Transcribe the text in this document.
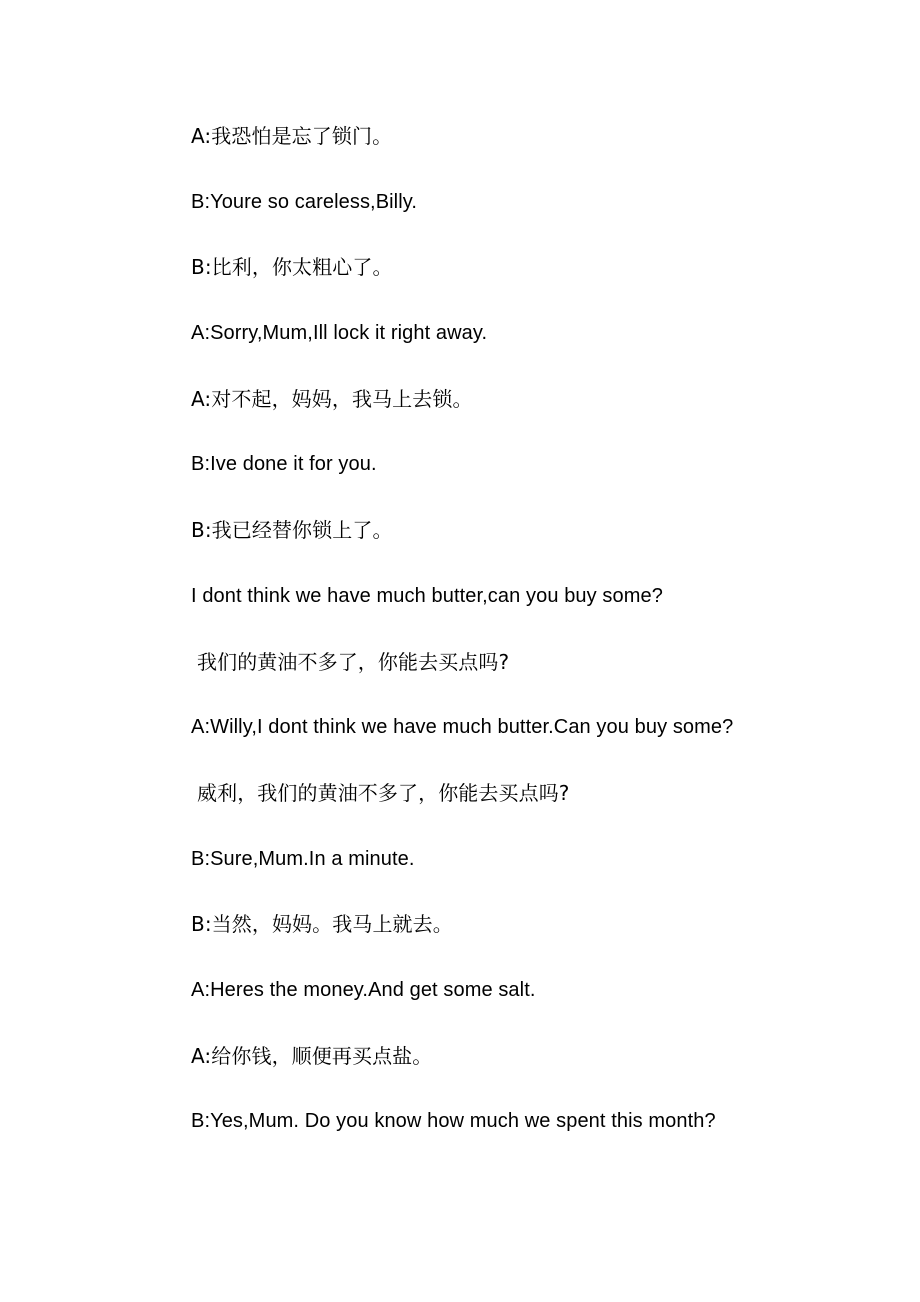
A:我恐怕是忘了锁门。
B:Youre so careless,Billy.
B:比利，你太粗心了。
A:Sorry,Mum,Ill lock it right away.
A:对不起，妈妈，我马上去锁。
B:Ive done it for you.
B:我已经替你锁上了。
I dont think we have much butter,can you buy some?
我们的黄油不多了，你能去买点吗?
A:Willy,I dont think we have much butter.Can you buy some?
威利，我们的黄油不多了，你能去买点吗?
B:Sure,Mum.In a minute.
B:当然，妈妈。我马上就去。
A:Heres the money.And get some salt.
A:给你钱，顺便再买点盐。
B:Yes,Mum. Do you know how much we spent this month?
